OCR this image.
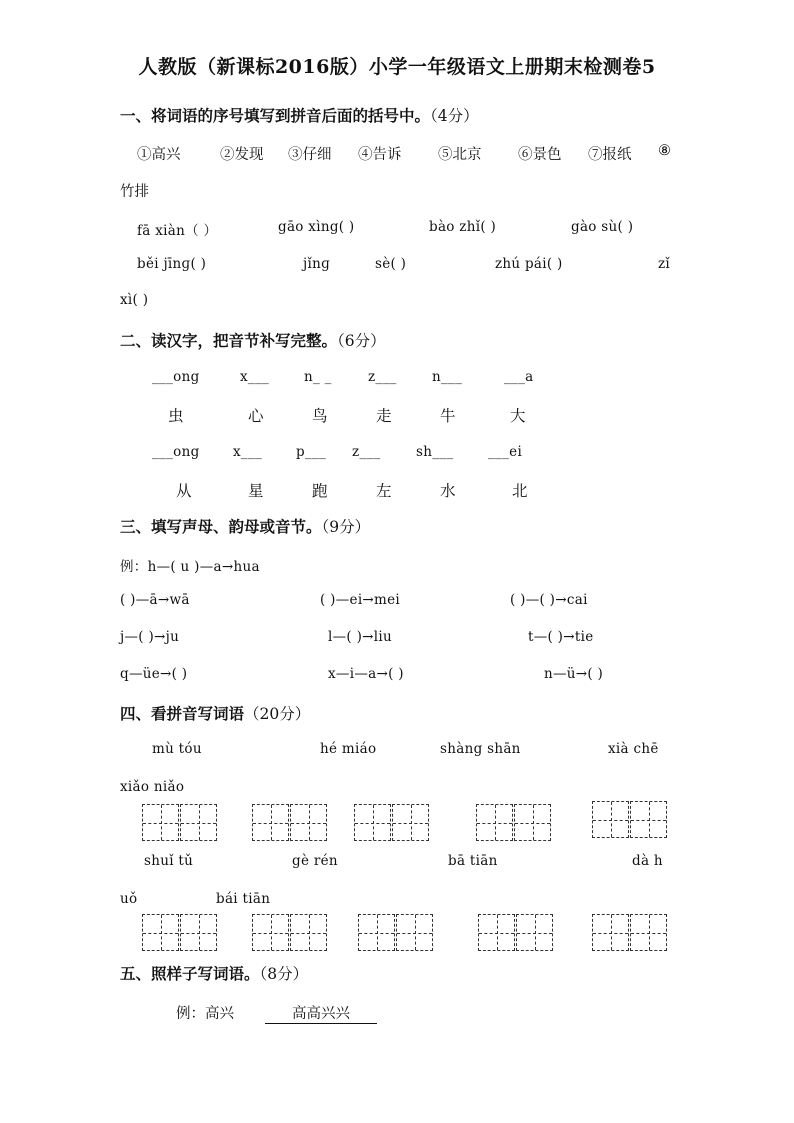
人教版（新课标2016版）小学一年级语文上册期末检测卷5
一、将词语的序号填写到拼音后面的括号中。（4分）
①高兴	②发现 ③仔细 ④告诉	⑤北京	⑥景色 ⑦报纸 ⑧
竹排
fā xiàn（ ）	gāo xìng( )	bào zhǐ( )	gào sù( )
běi jīnɡ( )	jǐnɡ	sè( )	zhú pái( )	zǐ
xì( )
二、读汉字，把音节补写完整。（6分）
___ong	x___	n_ _	z___	n___	___a
虫	心	鸟	走	牛	大
___ong x___	p___ z___	sh___	___ei
从	星	跑	左	水	北
三、填写声母、韵母或音节。（9分）
例：h—( u )—a→hua
( )—ā→wā	( )—ei→mei	( )—( )→cai
j—( )→ju	l—( )→liu	t—( )→tie
q—üe→( )	x—i—a→( )	n—ü→( )
四、看拼音写词语（20分）
mù tóu	hé miáo	shàng shān	xià chē
xiǎo niǎo
shuǐ tǔ	gè rén	bā tiān	dà h
uǒ	bái tiān
五、照样子写词语。（8分）
例：高兴	高高兴兴
